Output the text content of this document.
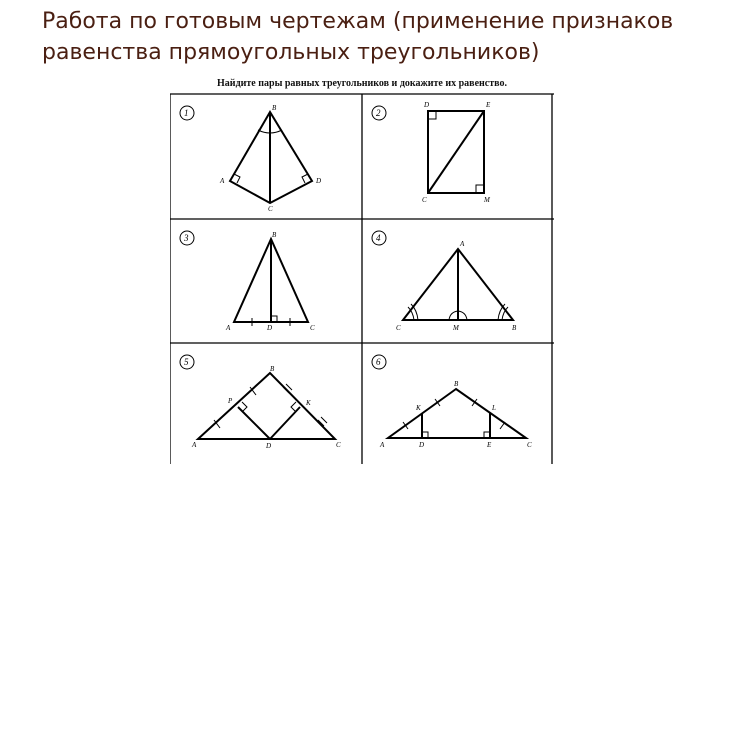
Работа по готовым чертежам (применение признаков
равенства прямоугольных треугольников)
Найдите пары равных треугольников и докажите их равенство.
1	B
A	D
C
2
D	E
C	M
3	B
A	D	C
4
A
C	M	B
5
B
P	K
A	D	C
6
B
K	L
A	D	E	C
